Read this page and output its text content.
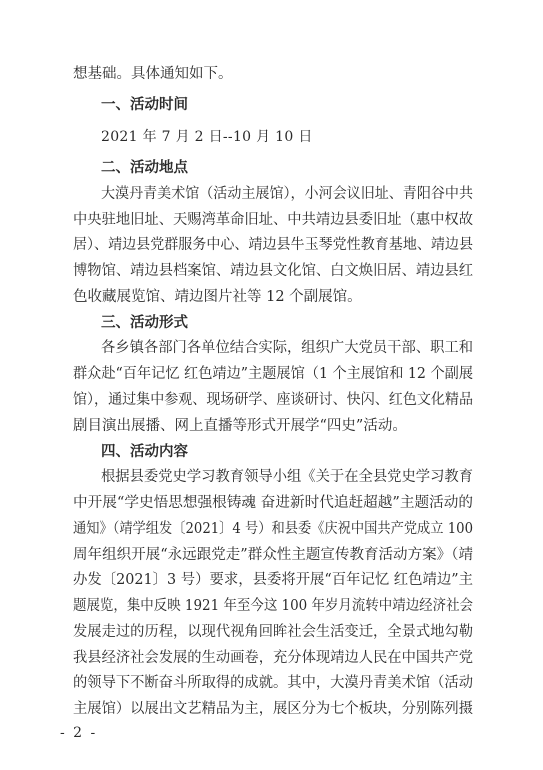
想基础。具体通知如下。
一、活动时间
2021 年 7 月 2 日--10 月 10 日
二、活动地点
大漠丹青美术馆（活动主展馆），小河会议旧址、青阳谷中共
中央驻地旧址、天赐湾革命旧址、中共靖边县委旧址（惠中权故
居）、靖边县党群服务中心、靖边县牛玉琴党性教育基地、靖边县
博物馆、靖边县档案馆、靖边县文化馆、白文焕旧居、靖边县红
色收藏展览馆、靖边图片社等 12 个副展馆。
三、活动形式
各乡镇各部门各单位结合实际，组织广大党员干部、职工和
群众赴“百年记忆 红色靖边”主题展馆（1 个主展馆和 12 个副展
馆），通过集中参观、现场研学、座谈研讨、快闪、红色文化精品
剧目演出展播、网上直播等形式开展学“四史”活动。
四、活动内容
根据县委党史学习教育领导小组《关于在全县党史学习教育
中开展“学史悟思想强根铸魂 奋进新时代追赶超越”主题活动的
通知》（靖学组发〔2021〕4 号）和县委《庆祝中国共产党成立 100
周年组织开展“永远跟党走”群众性主题宣传教育活动方案》（靖
办发〔2021〕3 号）要求，县委将开展“百年记忆 红色靖边”主
题展览，集中反映 1921 年至今这 100 年岁月流转中靖边经济社会
发展走过的历程，以现代视角回眸社会生活变迁，全景式地勾勒
我县经济社会发展的生动画卷，充分体现靖边人民在中国共产党
的领导下不断奋斗所取得的成就。其中，大漠丹青美术馆（活动
主展馆）以展出文艺精品为主，展区分为七个板块，分别陈列摄
- 2 -
